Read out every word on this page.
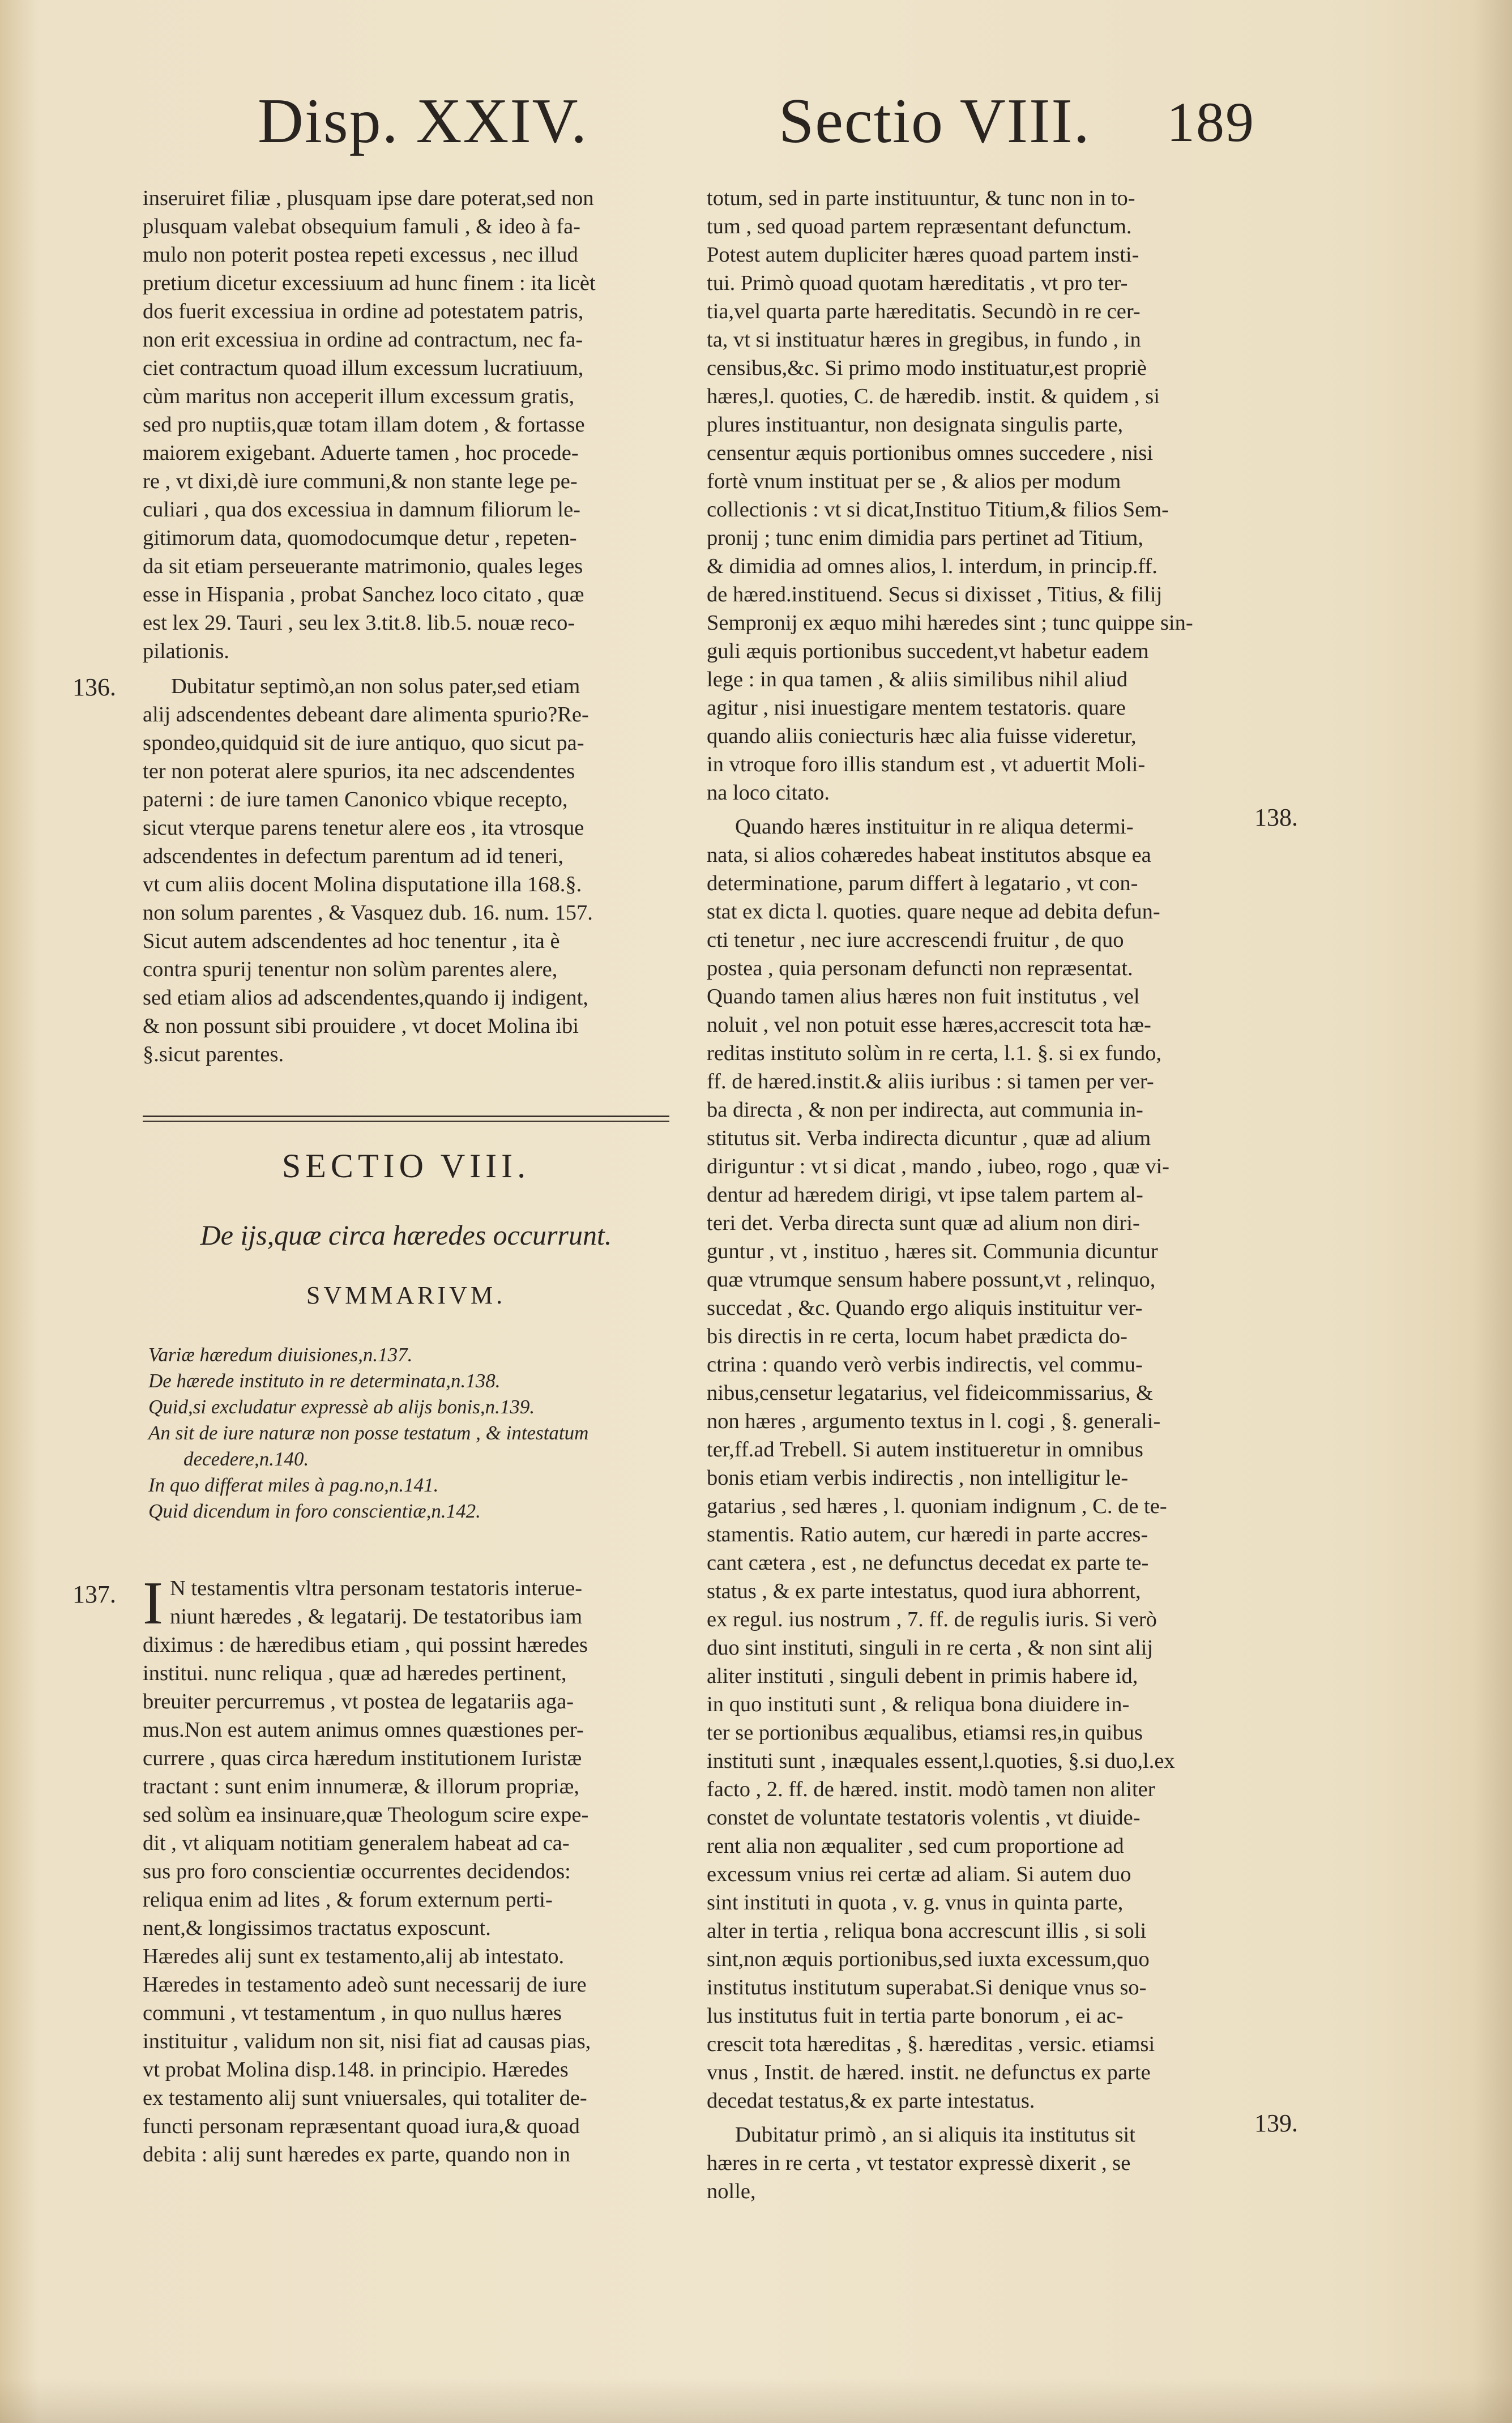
Disp. XXIV.	Sectio VIII. 189

inseruiret filiæ , plusquam ipse dare poterat,sed non
plusquam valebat obsequium famuli , & ideo à fa-
mulo non poterit postea repeti excessus , nec illud
pretium dicetur excessiuum ad hunc finem : ita licèt
dos fuerit excessiua in ordine ad potestatem patris,
non erit excessiua in ordine ad contractum, nec fa-
ciet contractum quoad illum excessum lucratiuum,
cùm maritus non acceperit illum excessum gratis,
sed pro nuptiis,quæ totam illam dotem , & fortasse
maiorem exigebant. Aduerte tamen , hoc procede-
re , vt dixi,dè iure communi,& non stante lege pe-
culiari , qua dos excessiua in damnum filiorum le-
gitimorum data, quomodocumque detur , repeten-
da sit etiam perseuerante matrimonio, quales leges
esse in Hispania , probat Sanchez loco citato , quæ
est lex 29. Tauri , seu lex 3.tit.8. lib.5. nouæ reco-
pilationis.

Dubitatur septimò,an non solus pater,sed etiam
alij adscendentes debeant dare alimenta spurio?Re-
spondeo,quidquid sit de iure antiquo, quo sicut pa-
ter non poterat alere spurios, ita nec adscendentes
paterni : de iure tamen Canonico vbique recepto,
sicut vterque parens tenetur alere eos , ita vtrosque
adscendentes in defectum parentum ad id teneri,
vt cum aliis docent Molina disputatione illa 168.§.
non solum parentes , & Vasquez dub. 16. num. 157.
Sicut autem adscendentes ad hoc tenentur , ita è
contra spurij tenentur non solùm parentes alere,
sed etiam alios ad adscendentes,quando ij indigent,
& non possunt sibi prouidere , vt docet Molina ibi
§.sicut parentes.

136.
SECTIO VIII.
De ijs,quæ circa hæredes occurrunt.
SVMMARIVM.
Variæ hæredum diuisiones,n.137.
De hærede instituto in re determinata,n.138.
Quid,si excludatur expressè ab alijs bonis,n.139.
An sit de iure naturæ non posse testatum , & intestatum
decedere,n.140.
In quo differat miles à pag.no,n.141.
Quid dicendum in foro conscientiæ,n.142.
137. I N testamentis vltra personam testatoris interue-
niunt hæredes , & legatarij. De testatoribus iam
diximus : de hæredibus etiam , qui possint hæredes
institui. nunc reliqua , quæ ad hæredes pertinent,
breuiter percurremus , vt postea de legatariis aga-
mus.Non est autem animus omnes quæstiones per-
currere , quas circa hæredum institutionem Iuristæ
tractant : sunt enim innumeræ, & illorum propriæ,
sed solùm ea insinuare,quæ Theologum scire expe-
dit , vt aliquam notitiam generalem habeat ad ca-
sus pro foro conscientiæ occurrentes decidendos:
reliqua enim ad lites , & forum externum perti-
nent,& longissimos tractatus exposcunt.
Hæredes alij sunt ex testamento,alij ab intestato.
Hæredes in testamento adeò sunt necessarij de iure
communi , vt testamentum , in quo nullus hæres
instituitur , validum non sit, nisi fiat ad causas pias,
vt probat Molina disp.148. in principio. Hæredes
ex testamento alij sunt vniuersales, qui totaliter de-
functi personam repræsentant quoad iura,& quoad
debita : alij sunt hæredes ex parte, quando non in

totum, sed in parte instituuntur, & tunc non in to-
tum , sed quoad partem repræsentant defunctum.
Potest autem dupliciter hæres quoad partem insti-
tui. Primò quoad quotam hæreditatis , vt pro ter-
tia,vel quarta parte hæreditatis. Secundò in re cer-
ta, vt si instituatur hæres in gregibus, in fundo , in
censibus,&c. Si primo modo instituatur,est propriè
hæres,l. quoties, C. de hæredib. instit. & quidem , si
plures instituantur, non designata singulis parte,
censentur æquis portionibus omnes succedere , nisi
fortè vnum instituat per se , & alios per modum
collectionis : vt si dicat,Instituo Titium,& filios Sem-
pronij ; tunc enim dimidia pars pertinet ad Titium,
& dimidia ad omnes alios, l. interdum, in princip.ff.
de hæred.instituend. Secus si dixisset , Titius, & filij
Sempronij ex æquo mihi hæredes sint ; tunc quippe sin-
guli æquis portionibus succedent,vt habetur eadem
lege : in qua tamen , & aliis similibus nihil aliud
agitur , nisi inuestigare mentem testatoris. quare
quando aliis coniecturis hæc alia fuisse videretur,
in vtroque foro illis standum est , vt aduertit Moli-
na loco citato.

Quando hæres instituitur in re aliqua determi-
nata, si alios cohæredes habeat institutos absque ea
determinatione, parum differt à legatario , vt con-
stat ex dicta l. quoties. quare neque ad debita defun-
cti tenetur , nec iure accrescendi fruitur , de quo
postea , quia personam defuncti non repræsentat.
Quando tamen alius hæres non fuit institutus , vel
noluit , vel non potuit esse hæres,accrescit tota hæ-
reditas instituto solùm in re certa, l.1. §. si ex fundo,
ff. de hæred.instit.& aliis iuribus : si tamen per ver-
ba directa , & non per indirecta, aut communia in-
stitutus sit. Verba indirecta dicuntur , quæ ad alium
diriguntur : vt si dicat , mando , iubeo, rogo , quæ vi-
dentur ad hæredem dirigi, vt ipse talem partem al-
teri det. Verba directa sunt quæ ad alium non diri-
guntur , vt , instituo , hæres sit. Communia dicuntur
quæ vtrumque sensum habere possunt,vt , relinquo,
succedat , &c. Quando ergo aliquis instituitur ver-
bis directis in re certa, locum habet prædicta do-
ctrina : quando verò verbis indirectis, vel commu-
nibus,censetur legatarius, vel fideicommissarius, &
non hæres , argumento textus in l. cogi , §. generali-
ter,ff.ad Trebell. Si autem institueretur in omnibus
bonis etiam verbis indirectis , non intelligitur le-
gatarius , sed hæres , l. quoniam indignum , C. de te-
stamentis. Ratio autem, cur hæredi in parte accres-
cant cætera , est , ne defunctus decedat ex parte te-
status , & ex parte intestatus, quod iura abhorrent,
ex regul. ius nostrum , 7. ff. de regulis iuris. Si verò
duo sint instituti, singuli in re certa , & non sint alij
aliter instituti , singuli debent in primis habere id,
in quo instituti sunt , & reliqua bona diuidere in-
ter se portionibus æqualibus, etiamsi res,in quibus
instituti sunt , inæquales essent,l.quoties, §.si duo,l.ex
facto , 2. ff. de hæred. instit. modò tamen non aliter
constet de voluntate testatoris volentis , vt diuide-
rent alia non æqualiter , sed cum proportione ad
excessum vnius rei certæ ad aliam. Si autem duo
sint instituti in quota , v. g. vnus in quinta parte,
alter in tertia , reliqua bona accrescunt illis , si soli
sint,non æquis portionibus,sed iuxta excessum,quo
institutus institutum superabat.Si denique vnus so-
lus institutus fuit in tertia parte bonorum , ei ac-
crescit tota hæreditas , §. hæreditas , versic. etiamsi
vnus , Instit. de hæred. instit. ne defunctus ex parte
decedat testatus,& ex parte intestatus.

Dubitatur primò , an si aliquis ita institutus sit
hæres in re certa , vt testator expressè dixerit , se
nolle,

138.
139.
